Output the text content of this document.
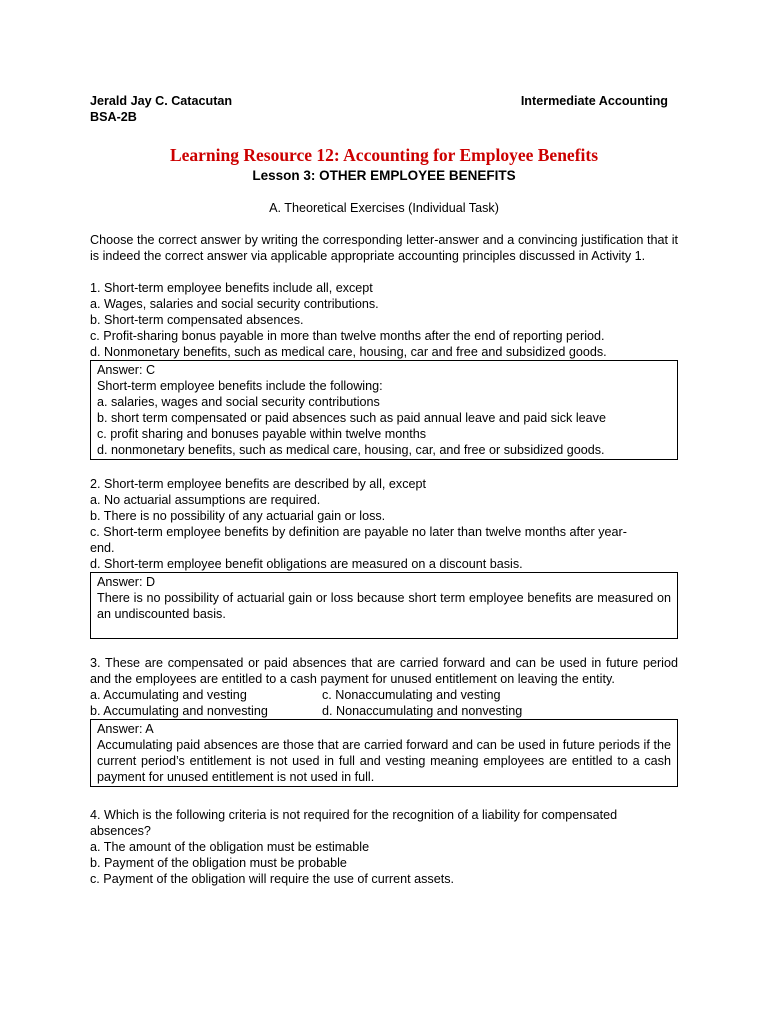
Jerald Jay C. Catacutan	Intermediate Accounting
BSA-2B
Learning Resource 12: Accounting for Employee Benefits
Lesson 3: OTHER EMPLOYEE BENEFITS
A. Theoretical Exercises (Individual Task)
Choose the correct answer by writing the corresponding letter-answer and a convincing justification that it is indeed the correct answer via applicable appropriate accounting principles discussed in Activity 1.
1. Short-term employee benefits include all, except
a. Wages, salaries and social security contributions.
b. Short-term compensated absences.
c. Profit-sharing bonus payable in more than twelve months after the end of reporting period.
d. Nonmonetary benefits, such as medical care, housing, car and free and subsidized goods.
Answer: C
Short-term employee benefits include the following:
a. salaries, wages and social security contributions
b. short term compensated or paid absences such as paid annual leave and paid sick leave
c. profit sharing and bonuses payable within twelve months
d. nonmonetary benefits, such as medical care, housing, car, and free or subsidized goods.
2. Short-term employee benefits are described by all, except
a. No actuarial assumptions are required.
b. There is no possibility of any actuarial gain or loss.
c. Short-term employee benefits by definition are payable no later than twelve months after year-end.
d. Short-term employee benefit obligations are measured on a discount basis.
Answer: D
There is no possibility of actuarial gain or loss because short term employee benefits are measured on an undiscounted basis.
3. These are compensated or paid absences that are carried forward and can be used in future period and the employees are entitled to a cash payment for unused entitlement on leaving the entity.
a. Accumulating and vesting	c. Nonaccumulating and vesting
b. Accumulating and nonvesting	d. Nonaccumulating and nonvesting
Answer: A
Accumulating paid absences are those that are carried forward and can be used in future periods if the current period’s entitlement is not used in full and vesting meaning employees are entitled to a cash payment for unused entitlement is not used in full.
4. Which is the following criteria is not required for the recognition of a liability for compensated absences?
a. The amount of the obligation must be estimable
b. Payment of the obligation must be probable
c. Payment of the obligation will require the use of current assets.
